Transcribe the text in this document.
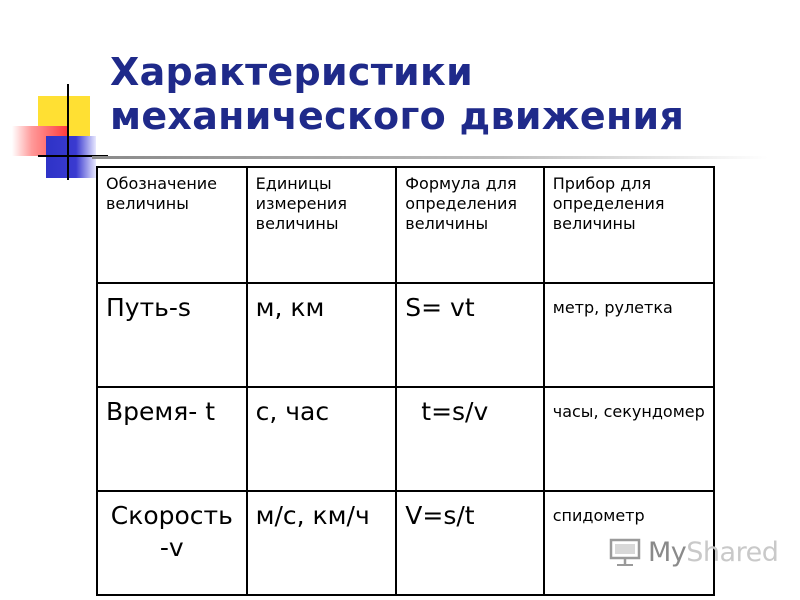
Характеристики
механического движения
Обозначение величины	Единицы измерения величины	Формула для определения величины	Прибор для определения величины
Путь-s	м, км	S= vt	метр, рулетка
Время- t	с, час	t=s/v	часы, секундомер
Скорость -v	м/с, км/ч	V=s/t	спидометр
MyShared
